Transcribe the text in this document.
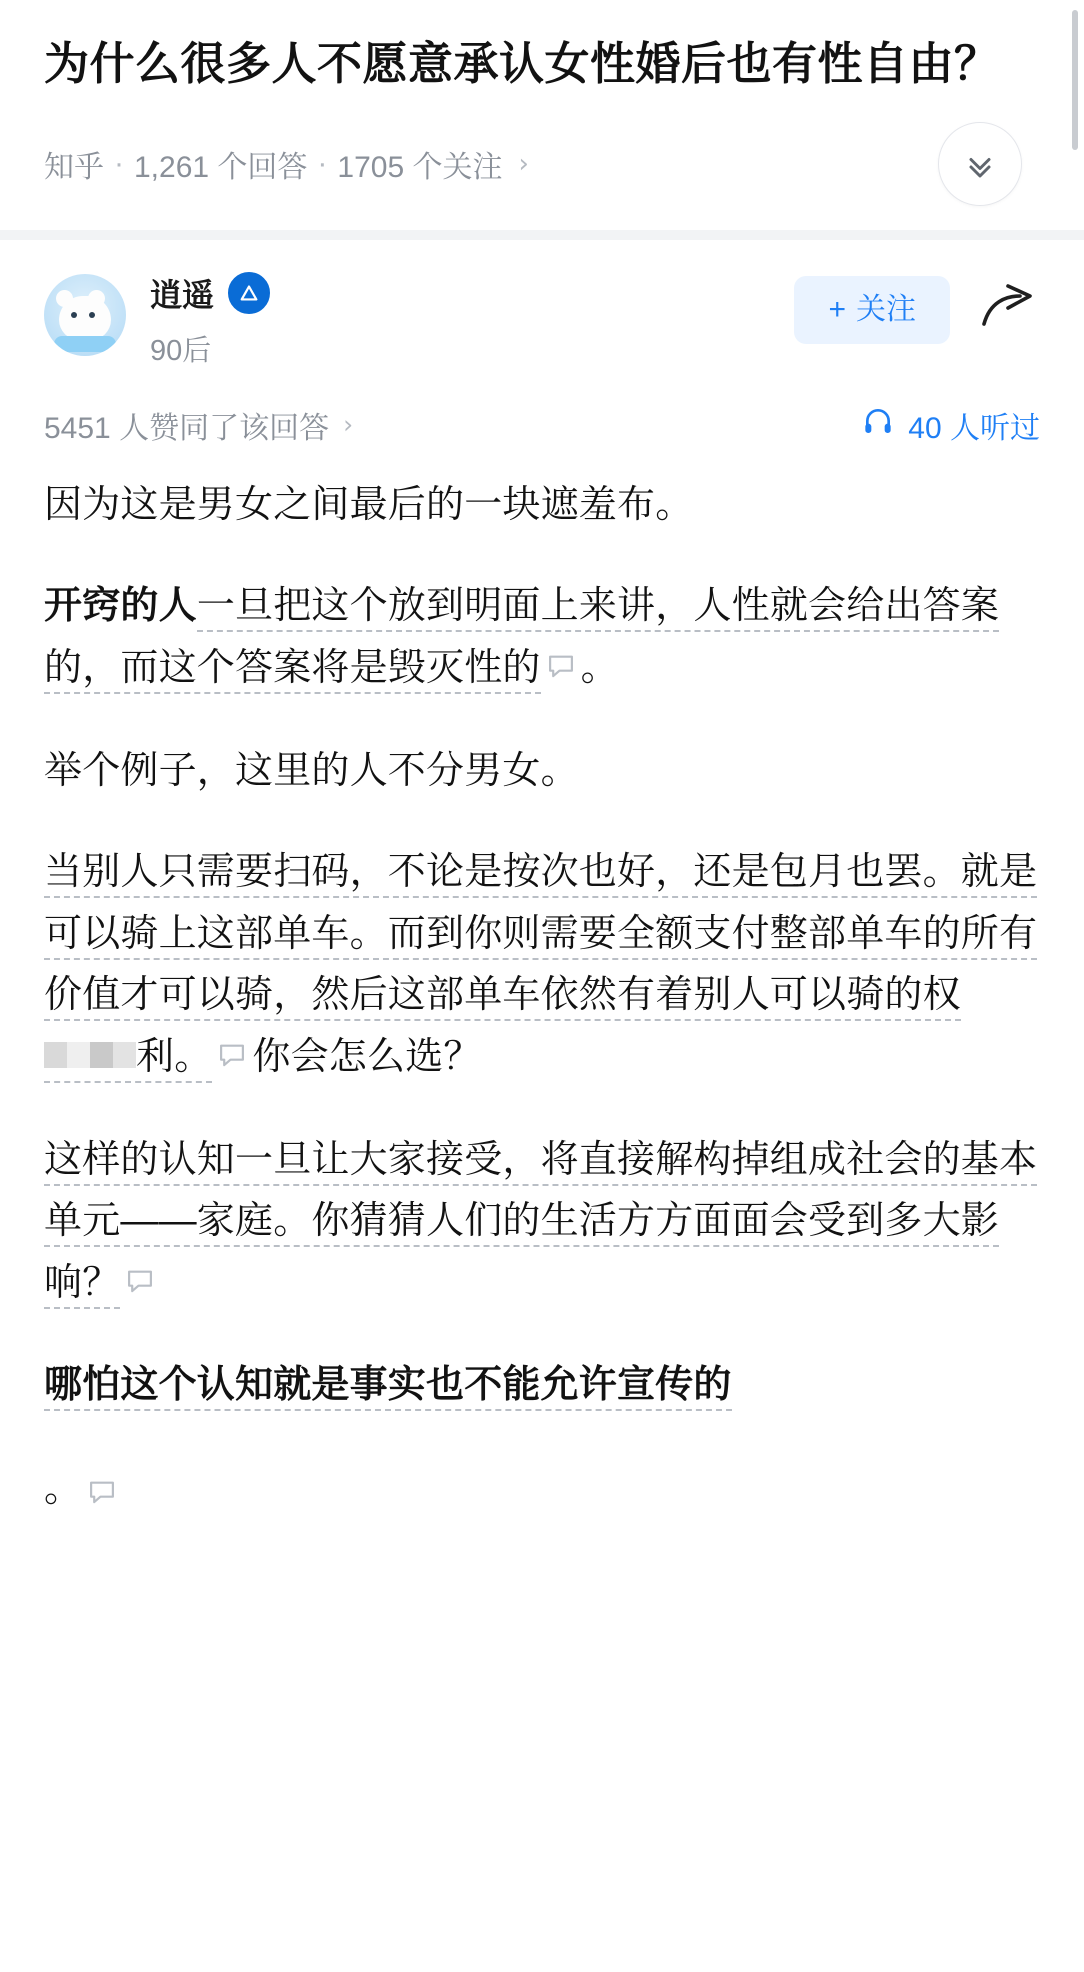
为什么很多人不愿意承认女性婚后也有性自由？
知乎 · 1,261 个回答 · 1705 个关注 ›
逍遥
90后
+ 关注
5451 人赞同了该回答 ›	40 人听过

因为这是男女之间最后的一块遮羞布。

开窍的人一旦把这个放到明面上来讲，人性就会给出答案的，而这个答案将是毁灭性的 。

举个例子，这里的人不分男女。

当别人只需要扫码，不论是按次也好，还是包月也罢。就是可以骑上这部单车。而到你则需要全额支付整部单车的所有价值才可以骑，然后这部单车依然有着别人可以骑的权利。 你会怎么选？

这样的认知一旦让大家接受，将直接解构掉组成社会的基本单元——家庭。你猜猜人们的生活方方面面会受到多大影响？

哪怕这个认知就是事实也不能允许宣传的

。
